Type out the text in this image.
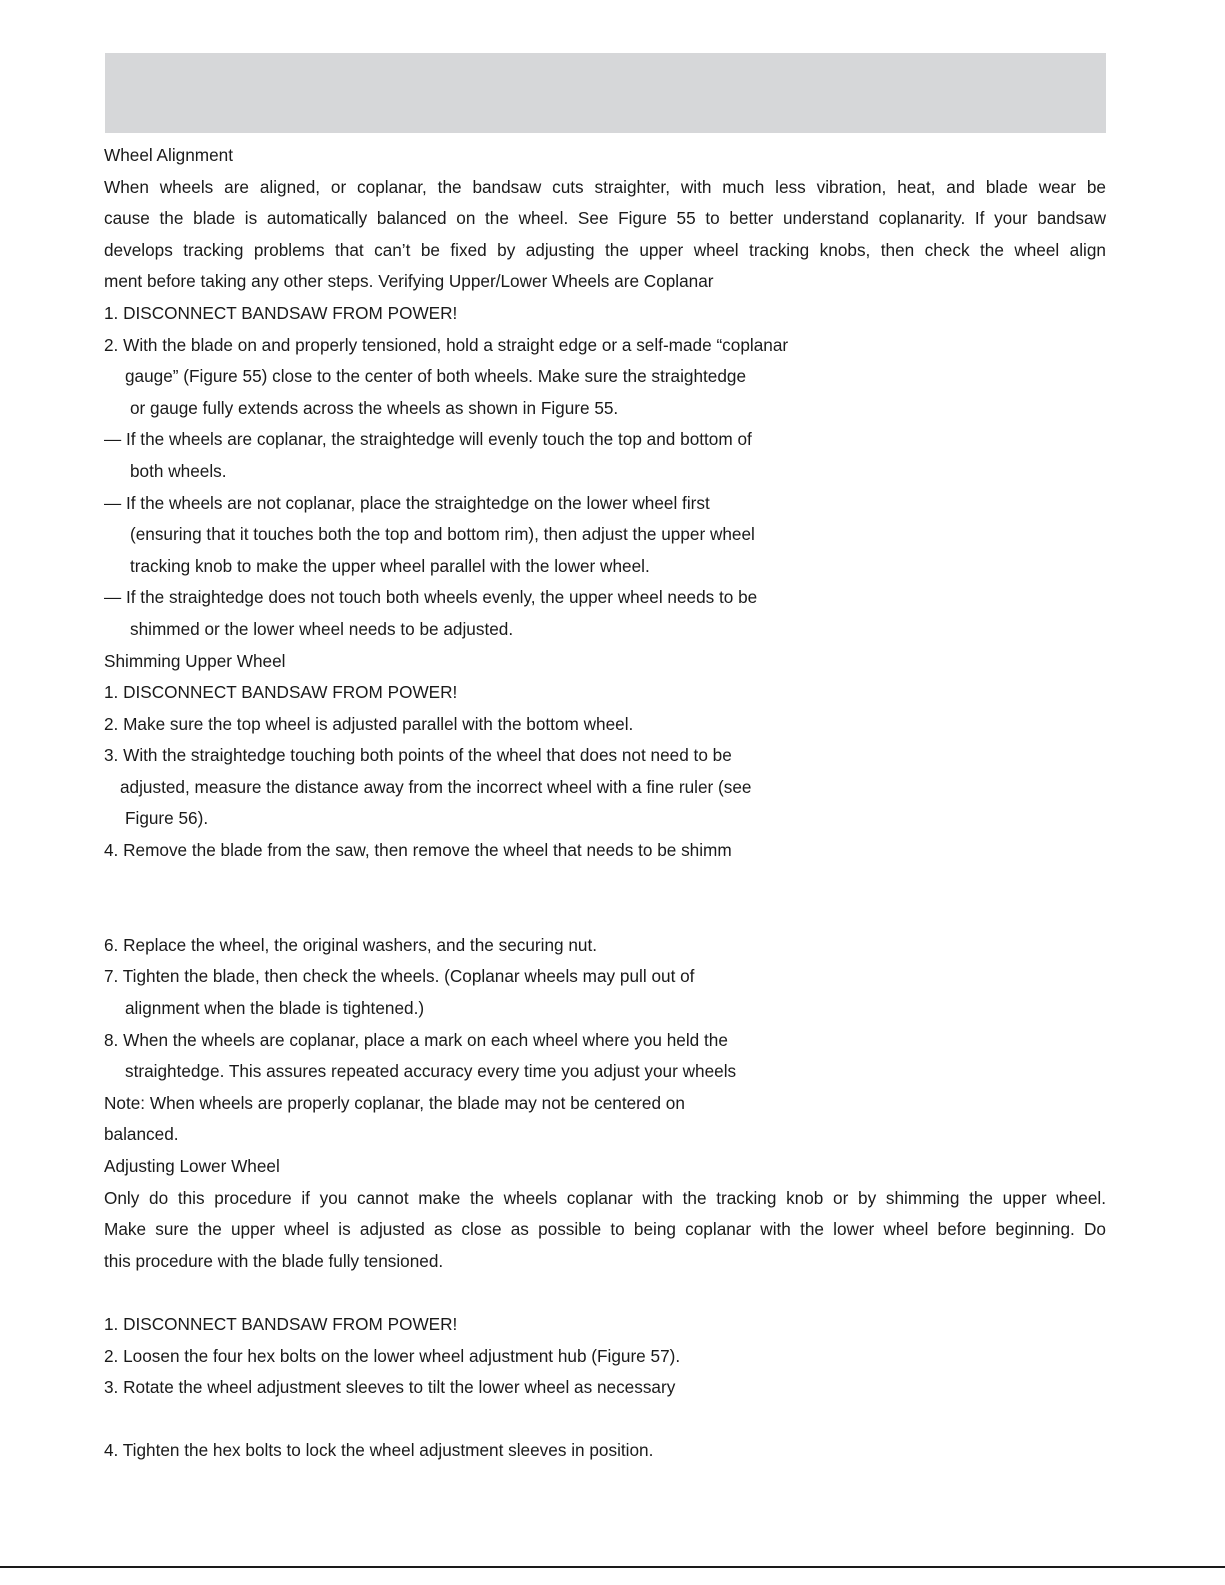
Wheel Alignment
When wheels are aligned, or coplanar, the bandsaw cuts straighter, with much less vibration, heat, and blade wear be
cause the blade is automatically balanced on the wheel. See Figure 55 to better understand coplanarity. If your bandsaw
develops tracking problems that can’t be fixed by adjusting the upper wheel tracking knobs, then check the wheel align
ment before taking any other steps. Verifying Upper/Lower Wheels are Coplanar
1. DISCONNECT BANDSAW FROM POWER!
2. With the blade on and properly tensioned, hold a straight edge or a self-made “coplanar
gauge” (Figure 55) close to the center of both wheels. Make sure the straightedge
or gauge fully extends across the wheels as shown in Figure 55.
— If the wheels are coplanar, the straightedge will evenly touch the top and bottom of
both wheels.
— If the wheels are not coplanar, place the straightedge on the lower wheel first
(ensuring that it touches both the top and bottom rim), then adjust the upper wheel
tracking knob to make the upper wheel parallel with the lower wheel.
— If the straightedge does not touch both wheels evenly, the upper wheel needs to be
shimmed or the lower wheel needs to be adjusted.
Shimming Upper Wheel
1. DISCONNECT BANDSAW FROM POWER!
2. Make sure the top wheel is adjusted parallel with the bottom wheel.
3. With the straightedge touching both points of the wheel that does not need to be
adjusted, measure the distance away from the incorrect wheel with a fine ruler (see
Figure 56).
4. Remove the blade from the saw, then remove the wheel that needs to be shimm
6. Replace the wheel, the original washers, and the securing nut.
7. Tighten the blade, then check the wheels. (Coplanar wheels may pull out of
alignment when the blade is tightened.)
8. When the wheels are coplanar, place a mark on each wheel where you held the
straightedge. This assures repeated accuracy every time you adjust your wheels
Note: When wheels are properly coplanar, the blade may not be centered on
balanced.
Adjusting Lower Wheel
Only do this procedure if you cannot make the wheels coplanar with the tracking knob or by shimming the upper wheel.
Make sure the upper wheel is adjusted as close as possible to being coplanar with the lower wheel before beginning. Do
this procedure with the blade fully tensioned.
1. DISCONNECT BANDSAW FROM POWER!
2. Loosen the four hex bolts on the lower wheel adjustment hub (Figure 57).
3. Rotate the wheel adjustment sleeves to tilt the lower wheel as necessary
4. Tighten the hex bolts to lock the wheel adjustment sleeves in position.
